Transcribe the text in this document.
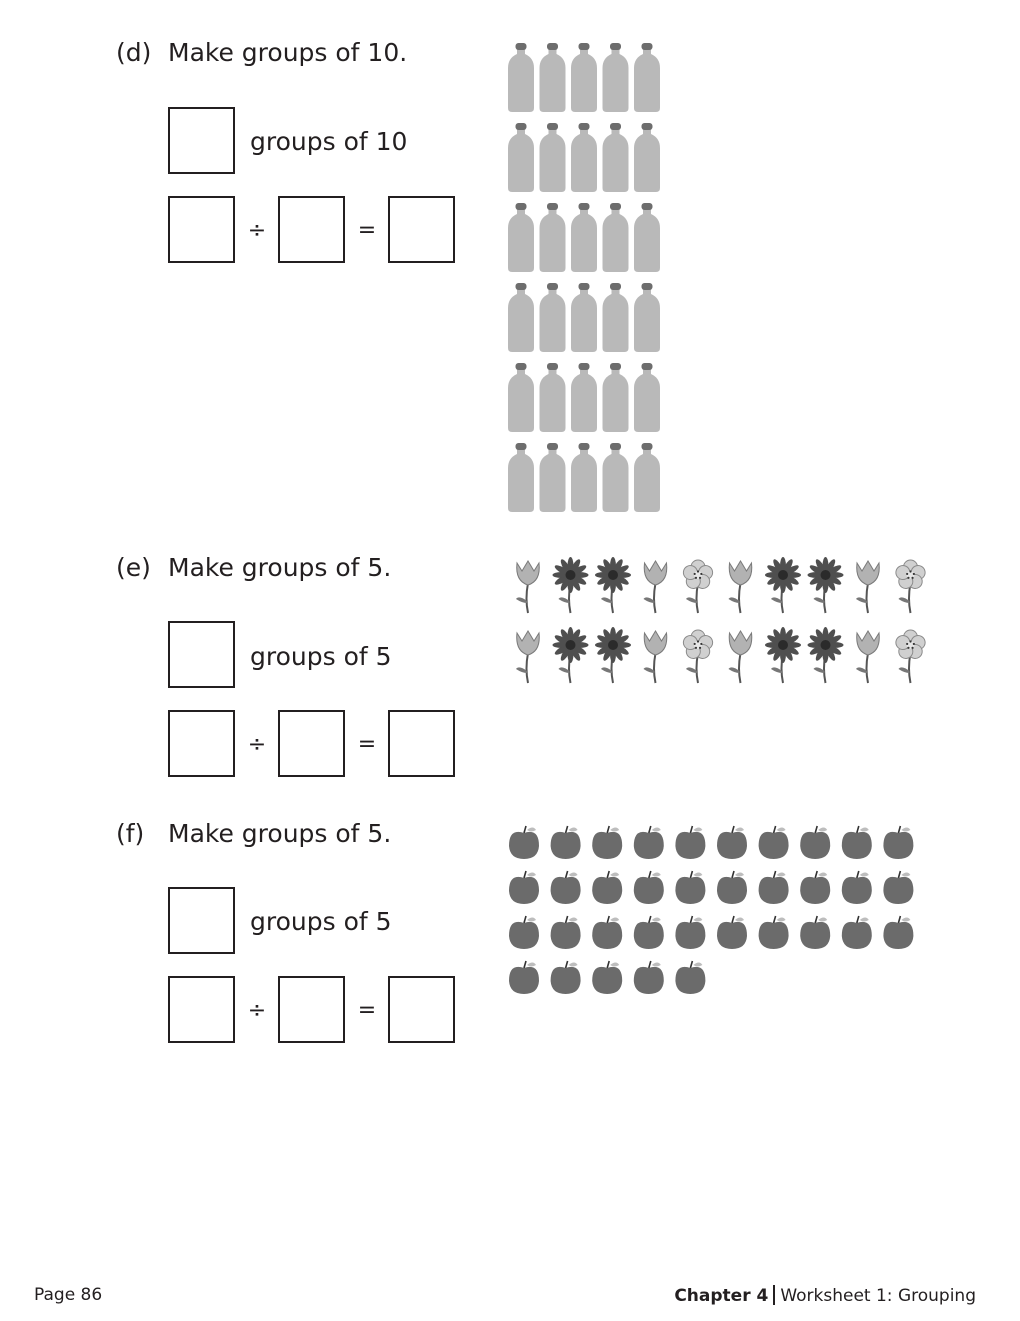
(d) Make groups of 10.
groups of 10
÷	=
(e) Make groups of 5.
groups of 5
÷	=
(f) Make groups of 5.
groups of 5
÷	=
Page 86	Chapter 4 Worksheet 1: Grouping
